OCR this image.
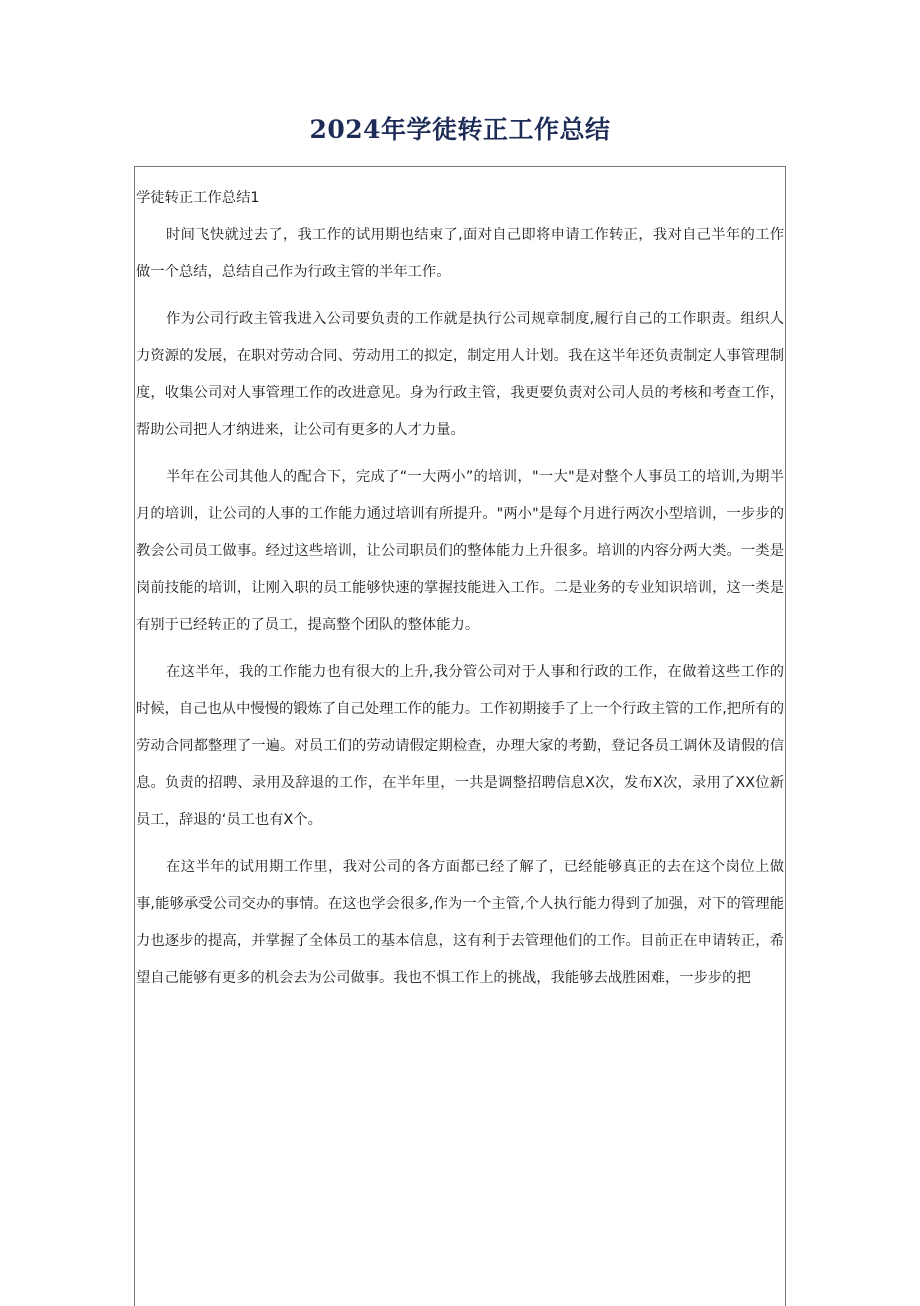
2024年学徒转正工作总结

学徒转正工作总结1

时间飞快就过去了，我工作的试用期也结束了,面对自己即将申请工作转正，我对自己半年的工作做一个总结，总结自己作为行政主管的半年工作。

作为公司行政主管我进入公司要负责的工作就是执行公司规章制度,履行自己的工作职责。组织人力资源的发展，在职对劳动合同、劳动用工的拟定，制定用人计划。我在这半年还负责制定人事管理制度，收集公司对人事管理工作的改进意见。身为行政主管，我更要负责对公司人员的考核和考查工作，帮助公司把人才纳进来，让公司有更多的人才力量。

半年在公司其他人的配合下，完成了“一大两小”的培训，"一大"是对整个人事员工的培训,为期半月的培训，让公司的人事的工作能力通过培训有所提升。"两小"是每个月进行两次小型培训，一步步的教会公司员工做事。经过这些培训，让公司职员们的整体能力上升很多。培训的内容分两大类。一类是岗前技能的培训，让刚入职的员工能够快速的掌握技能进入工作。二是业务的专业知识培训，这一类是有别于已经转正的了员工，提高整个团队的整体能力。

在这半年，我的工作能力也有很大的上升,我分管公司对于人事和行政的工作，在做着这些工作的时候，自己也从中慢慢的锻炼了自己处理工作的能力。工作初期接手了上一个行政主管的工作,把所有的劳动合同都整理了一遍。对员工们的劳动请假定期检查，办理大家的考勤，登记各员工调休及请假的信息。负责的招聘、录用及辞退的工作，在半年里，一共是调整招聘信息X次，发布X次，录用了XX位新员工，辞退的‘员工也有X个。

在这半年的试用期工作里，我对公司的各方面都已经了解了，已经能够真正的去在这个岗位上做事,能够承受公司交办的事情。在这也学会很多,作为一个主管,个人执行能力得到了加强，对下的管理能力也逐步的提高，并掌握了全体员工的基本信息，这有利于去管理他们的工作。目前正在申请转正，希望自己能够有更多的机会去为公司做事。我也不惧工作上的挑战，我能够去战胜困难，一步步的把
